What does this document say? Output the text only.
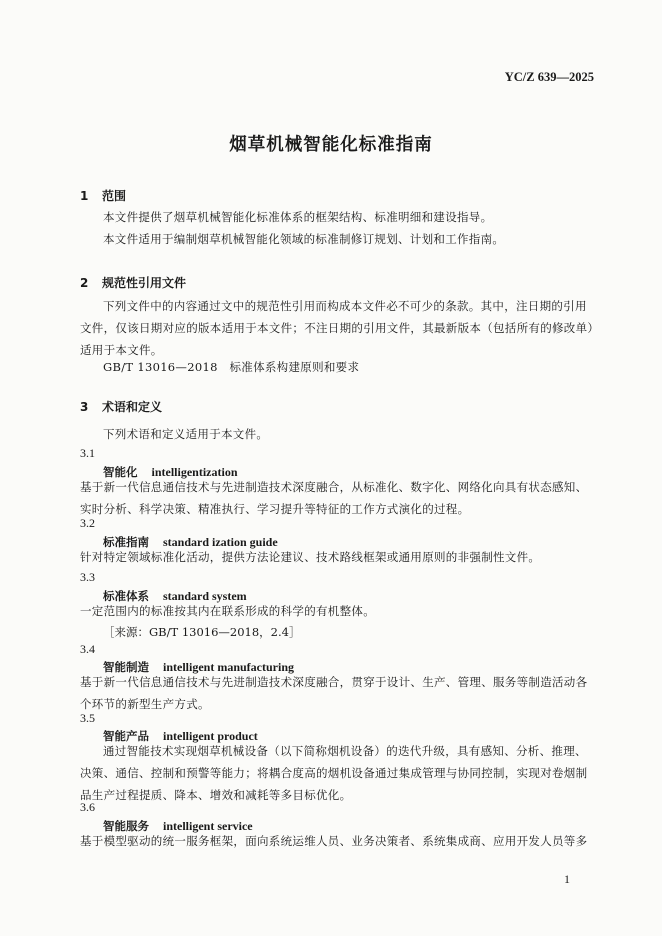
YC/Z 639—2025
烟草机械智能化标准指南
1 范围
本文件提供了烟草机械智能化标准体系的框架结构、标准明细和建设指导。
本文件适用于编制烟草机械智能化领域的标准制修订规划、计划和工作指南。
2 规范性引用文件
下列文件中的内容通过文中的规范性引用而构成本文件必不可少的条款。其中，注日期的引用文件，仅该日期对应的版本适用于本文件；不注日期的引用文件，其最新版本（包括所有的修改单）适用于本文件。
GB/T 13016—2018　标准体系构建原则和要求
3 术语和定义
下列术语和定义适用于本文件。
3.1
智能化 intelligentization
基于新一代信息通信技术与先进制造技术深度融合，从标准化、数字化、网络化向具有状态感知、实时分析、科学决策、精准执行、学习提升等特征的工作方式演化的过程。
3.2
标准指南 standard ization guide
针对特定领域标准化活动，提供方法论建议、技术路线框架或通用原则的非强制性文件。
3.3
标准体系 standard system
一定范围内的标准按其内在联系形成的科学的有机整体。
［来源：GB/T 13016—2018，2.4］
3.4
智能制造 intelligent manufacturing
基于新一代信息通信技术与先进制造技术深度融合，贯穿于设计、生产、管理、服务等制造活动各个环节的新型生产方式。
3.5
智能产品 intelligent product
通过智能技术实现烟草机械设备（以下简称烟机设备）的迭代升级，具有感知、分析、推理、决策、通信、控制和预警等能力；将耦合度高的烟机设备通过集成管理与协同控制，实现对卷烟制品生产过程提质、降本、增效和减耗等多目标优化。
3.6
智能服务 intelligent service
基于模型驱动的统一服务框架，面向系统运维人员、业务决策者、系统集成商、应用开发人员等多
1
